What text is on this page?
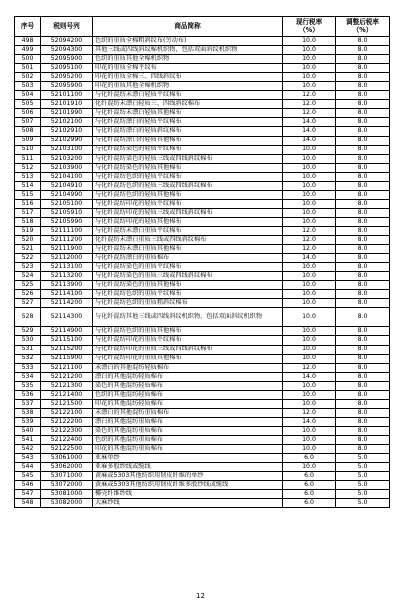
序号	税则号列	商品简称	现行税率
（%）	调整后税率
（%）

498	52094200	色织的重质全棉粗斜纹布(劳动布)	10.0	8.0
499	52094300	其他三线或四线斜纹棉机织物，包括双面斜纹机织物	10.0	8.0
500	52095900	色织的重质其他全棉机织物	10.0	8.0
501	52095100	印花的重质全棉平纹布	10.0	8.0
502	52095200	印花的重质全棉三、四线斜纹布	10.0	8.0
503	52095900	印花的重质其他全棉机织物	10.0	8.0
504	52101100	与化纤混纺未漂白轻质平纹棉布	12.0	8.0
505	52101910	化纤混纺未漂白轻质三、四线斜纹棉布	12.0	8.0
506	52101990	与化纤混纺未漂白轻质其他棉布	12.0	8.0
507	52102100	与化纤混纺漂白的轻质平纹棉布	14.0	8.0
508	52102910	与化纤混纺漂白的轻质斜纹棉布	14.0	8.0
509	52102990	与化纤混纺漂白的轻质其他棉布	14.0	8.0
510	52103100	与化纤混纺染色的轻质平纹棉布	10.0	8.0
511	52103200	与化纤混纺染色的轻质三线或四线斜纹棉布	10.0	8.0
512	52103900	与化纤混纺染色的轻质其他棉布	10.0	8.0
513	52104100	与化纤混纺色织的轻质平纹棉布	10.0	8.0
514	52104910	与化纤混纺色织的轻质三线或四线斜纹棉布	10.0	8.0
515	52104990	与化纤混纺色织的轻质其他棉布	10.0	8.0
516	52105100	与化纤混纺印花的轻质平纹棉布	10.0	8.0
517	52105910	与化纤混纺印花的轻质三线或四线斜纹棉布	10.0	8.0
518	52105990	与化纤混纺印花的轻质其他棉布	10.0	8.0
519	52111100	与化纤混纺未漂白重质平纹棉布	12.0	8.0
520	52111200	化纤混纺未漂白重质三线或四线斜纹棉布	12.0	8.0
521	52111900	与化纤混纺未漂白重质其他棉布	12.0	8.0
522	52112000	与化纤混纺漂白的重质棉布	14.0	8.0
523	52113100	与化纤混纺染色的重质平纹棉布	10.0	8.0
524	52113200	与化纤混纺染色的重质三线或四线斜纹棉布	10.0	8.0
525	52113900	与化纤混纺染色的重质其他棉布	10.0	8.0
526	52114100	与化纤混纺色织的重质平纹棉布	10.0	8.0
527	52114200	与化纤混纺色织的重质粗斜纹棉布	10.0	8.0
528	52114300	与化纤混纺其他三线或四线斜纹机织物，包括双面斜纹机织物	10.0	8.0
529	52114900	与化纤混纺色织的重质其他棉布	10.0	8.0
530	52115100	与化纤混纺印花的重质平纹棉布	10.0	8.0
531	52115200	与化纤混纺印花的重质三线或四线斜纹棉布	10.0	8.0
532	52115900	与化纤混纺印花的重质其他棉布	10.0	8.0
533	52121100	未漂白的其他混纺轻质棉布	12.0	8.0
534	52121200	漂白的其他混纺轻质棉布	14.0	8.0
535	52121300	染色的其他混纺轻质棉布	10.0	8.0
536	52121400	色织的其他混纺轻质棉布	10.0	8.0
537	52121500	印花的其他混纺轻质棉布	10.0	8.0
538	52122100	未漂白的其他混纺重质棉布	12.0	8.0
539	52122200	漂白的其他混纺重质棉布	14.0	8.0
540	52122300	染色的其他混纺重质棉布	10.0	8.0
541	52122400	色织的其他混纺重质棉布	10.0	8.0
542	52122500	印花的其他混纺重质棉布	10.0	8.0
543	53061000	亚麻单纱	6.0	5.0
544	53062000	亚麻多股纱线或缆线	10.0	5.0
545	53071000	黄麻或5303其他纺织用韧皮纤维的单纱	6.0	5.0
546	53072000	黄麻或5303其他纺织用韧皮纤维多股纱线或缆线	6.0	5.0
547	53081000	椰壳纤维纱线	6.0	5.0
548	53082000	大麻纱线	6.0	5.0
12
